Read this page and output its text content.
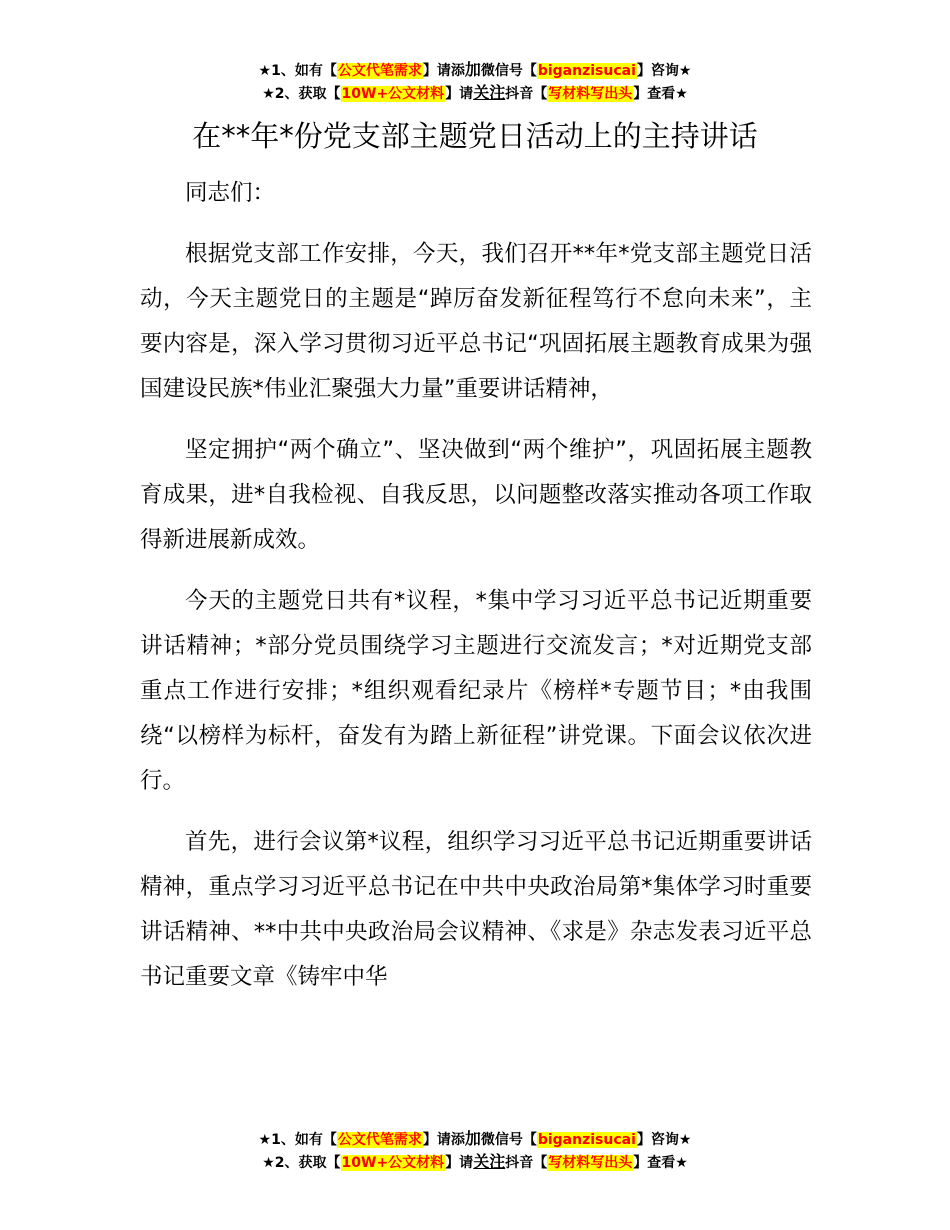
★1、如有【公文代笔需求】请添加微信号【biganzisucai】咨询★
★2、获取【10W+公文材料】请关注抖音【写材料写出头】查看★
在**年*份党支部主题党日活动上的主持讲话

同志们：

根据党支部工作安排，今天，我们召开**年*党支部主题党日活动，今天主题党日的主题是“踔厉奋发新征程笃行不怠向未来”，主要内容是，深入学习贯彻习近平总书记“巩固拓展主题教育成果为强国建设民族*伟业汇聚强大力量”重要讲话精神，

坚定拥护“两个确立”、坚决做到“两个维护”，巩固拓展主题教育成果，进*自我检视、自我反思，以问题整改落实推动各项工作取得新进展新成效。

今天的主题党日共有*议程，*集中学习习近平总书记近期重要讲话精神；*部分党员围绕学习主题进行交流发言；*对近期党支部重点工作进行安排；*组织观看纪录片《榜样*专题节目；*由我围绕“以榜样为标杆，奋发有为踏上新征程”讲党课。下面会议依次进行。

首先，进行会议第*议程，组织学习习近平总书记近期重要讲话精神，重点学习习近平总书记在中共中央政治局第*集体学习时重要讲话精神、**中共中央政治局会议精神、《求是》杂志发表习近平总书记重要文章《铸牢中华

★1、如有【公文代笔需求】请添加微信号【biganzisucai】咨询★
★2、获取【10W+公文材料】请关注抖音【写材料写出头】查看★
